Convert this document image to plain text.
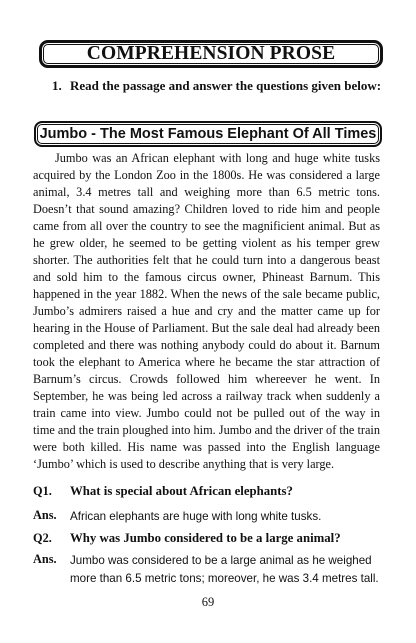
COMPREHENSION PROSE
1. Read the passage and answer the questions given below:
Jumbo - The Most Famous Elephant Of All Times

Jumbo was an African elephant with long and huge white tusks acquired by the London Zoo in the 1800s. He was considered a large animal, 3.4 metres tall and weighing more than 6.5 metric tons. Doesn’t that sound amazing? Children loved to ride him and people came from all over the country to see the magnificient animal. But as he grew older, he seemed to be getting violent as his temper grew shorter. The authorities felt that he could turn into a dangerous beast and sold him to the famous circus owner, Phineast Barnum. This happened in the year 1882. When the news of the sale became public, Jumbo’s admirers raised a hue and cry and the matter came up for hearing in the House of Parliament. But the sale deal had already been completed and there was nothing anybody could do about it. Barnum took the elephant to America where he became the star attraction of Barnum’s circus. Crowds followed him whereever he went. In September, he was being led across a railway track when suddenly a train came into view. Jumbo could not be pulled out of the way in time and the train ploughed into him. Jumbo and the driver of the train were both killed. His name was passed into the English language ‘Jumbo’ which is used to describe anything that is very large.

Q1. What is special about African elephants?
Ans. African elephants are huge with long white tusks.
Q2. Why was Jumbo considered to be a large animal?
Ans. Jumbo was considered to be a large animal as he weighed more than 6.5 metric tons; moreover, he was 3.4 metres tall.
69
